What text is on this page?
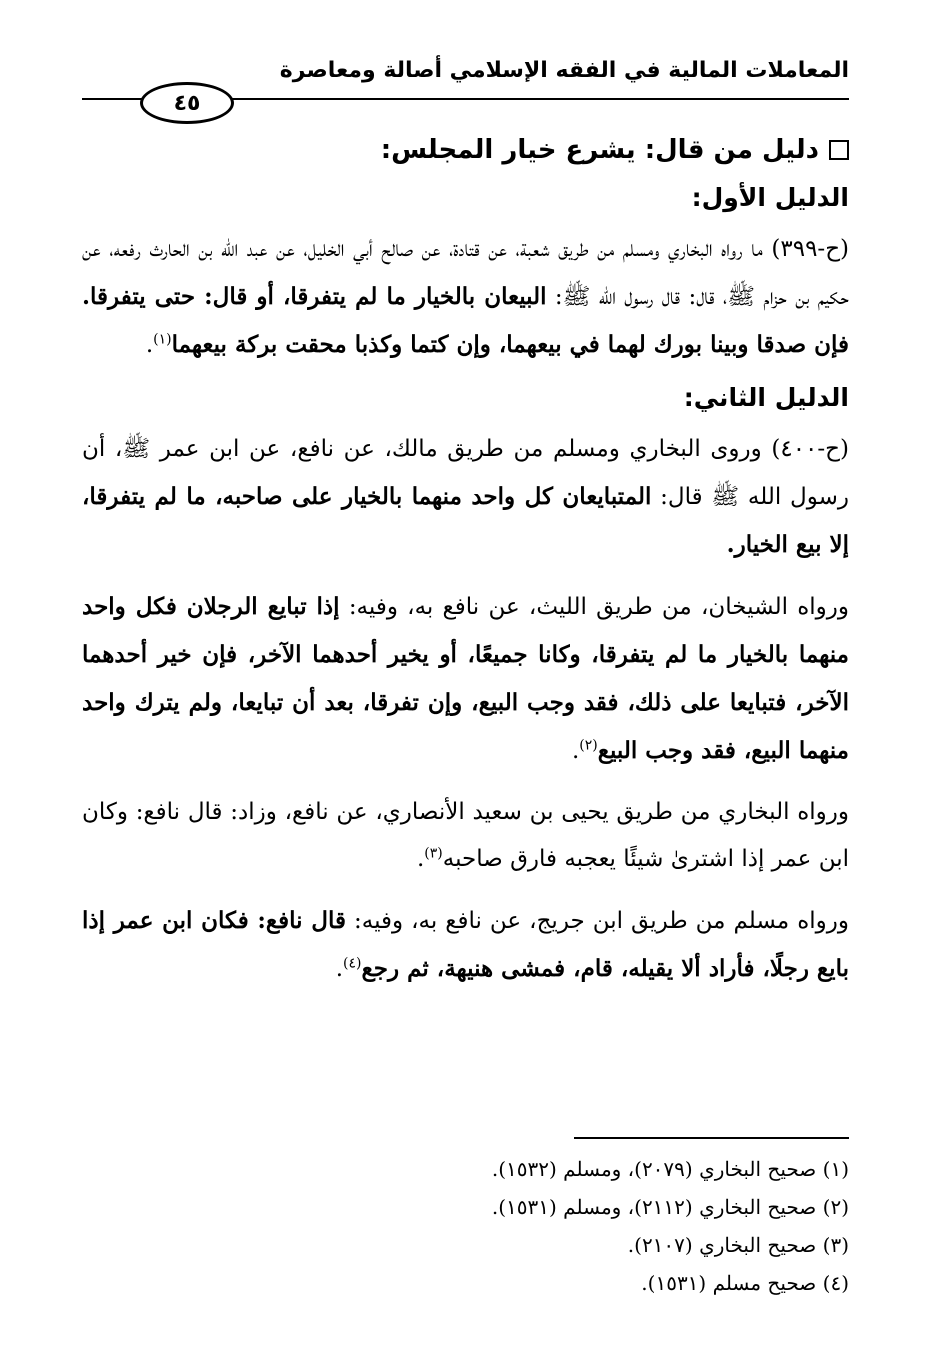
المعاملات المالية في الفقه الإسلامي أصالة ومعاصرة
٤٥
دليل من قال: يشرع خيار المجلس:
الدليل الأول:

(ح-٣٩٩) ما رواه البخاري ومسلم من طريق شعبة، عن قتادة، عن صالح أبي الخليل، عن عبد الله بن الحارث رفعه، عن حكيم بن حزام ﷺ، قال: قال رسول الله ﷺ: البيعان بالخيار ما لم يتفرقا، أو قال: حتى يتفرقا. فإن صدقا وبينا بورك لهما في بيعهما، وإن كتما وكذبا محقت بركة بيعهما$^{(١)}$.

الدليل الثاني:

(ح-٤٠٠) وروى البخاري ومسلم من طريق مالك، عن نافع، عن ابن عمر ﷺ، أن رسول الله ﷺ قال: المتبايعان كل واحد منهما بالخيار على صاحبه، ما لم يتفرقا، إلا بيع الخيار.

ورواه الشيخان، من طريق الليث، عن نافع به، وفيه: إذا تبايع الرجلان فكل واحد منهما بالخيار ما لم يتفرقا، وكانا جميعًا، أو يخير أحدهما الآخر، فإن خير أحدهما الآخر، فتبايعا على ذلك، فقد وجب البيع، وإن تفرقا، بعد أن تبايعا، ولم يترك واحد منهما البيع، فقد وجب البيع$^{(٢)}$.

ورواه البخاري من طريق يحيى بن سعيد الأنصاري، عن نافع، وزاد: قال نافع: وكان ابن عمر إذا اشترىٰ شيئًا يعجبه فارق صاحبه$^{(٣)}$.

ورواه مسلم من طريق ابن جريج، عن نافع به، وفيه: قال نافع: فكان ابن عمر إذا بايع رجلًا، فأراد ألا يقيله، قام، فمشى هنيهة، ثم رجع$^{(٤)}$.

(١) صحيح البخاري (٢٠٧٩)، ومسلم (١٥٣٢).
(٢) صحيح البخاري (٢١١٢)، ومسلم (١٥٣١).
(٣) صحيح البخاري (٢١٠٧).
(٤) صحيح مسلم (١٥٣١).
